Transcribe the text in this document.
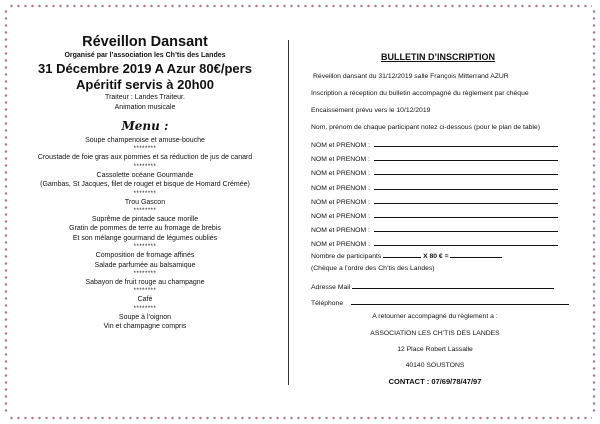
Réveillon Dansant
Organisé par l’association les Ch’tis des Landes
31 Décembre 2019 A Azur 80€/pers
Apéritif servis à 20h00
Traiteur : Landes Traiteur.
Animation musicale
Menu :
Soupe champenoise et amuse-bouche
********
Croustade de foie gras aux pommes et sa réduction de jus de canard
********
Cassolette océane Gourmande
(Gambas, St Jacques, filet de rouget et bisque de Homard Crémée)
********
Trou Gascon
********
Suprême de pintade sauce morille
Gratin de pommes de terre au fromage de brebis
Et son mélange gourmand de légumes oubliés
********
Composition de fromage affinés
Salade parfumée au balsamique
********
Sabayon de fruit rouge au champagne
********
Café
********
Soupe à l’oignon
Vin et champagne compris
BULLETIN D’INSCRIPTION
Réveillon dansant du 31/12/2019 salle François Mitterrand AZUR
Inscription a réception du bulletin accompagné du règlement par chèque
Encaissement prévu vers le 10/12/2019
Nom, prénom de chaque participant notez ci-dessous (pour le plan de table)
NOM et PRENOM :
NOM et PRENOM :
NOM et PRENOM :
NOM et PRENOM :
NOM et PRENOM :
NOM et PRENOM :
NOM et PRENOM :
NOM et PRENOM :
Nombre de participants	X 80 € =
(Chèque a l’ordre des Ch’tis des Landes)
Adresse Mail
Téléphone
A retourner accompagné du règlement a :
ASSOCIATION LES CH’TIS DES LANDES
12 Place Robert Lassalle
40140 SOUSTONS
CONTACT : 07/69/78/47/97
